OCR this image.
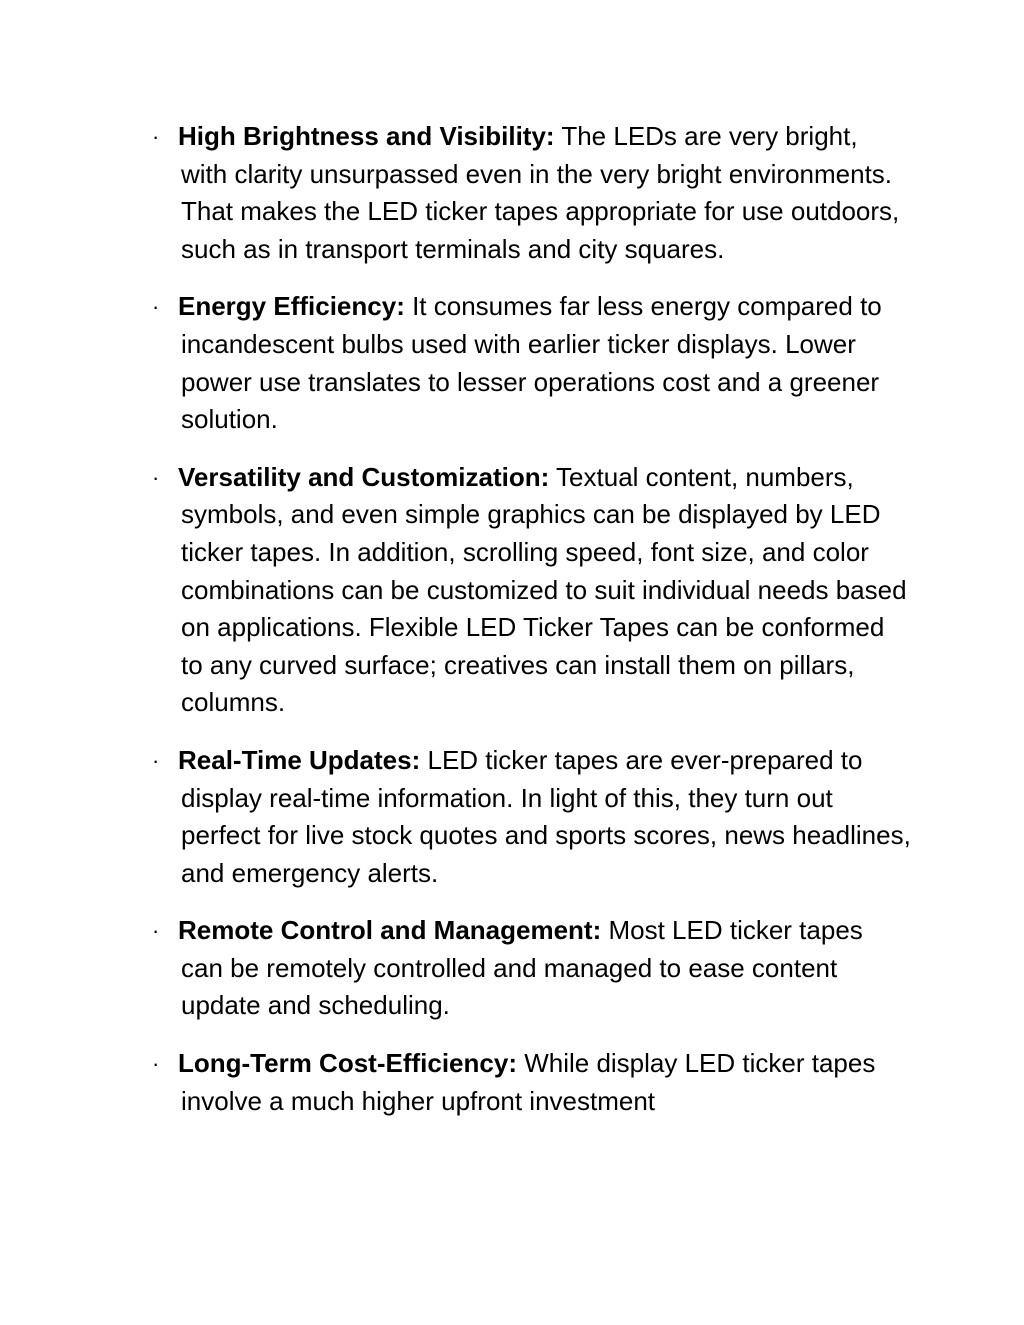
· High Brightness and Visibility: The LEDs are very bright, with clarity unsurpassed even in the very bright environments. That makes the LED ticker tapes appropriate for use outdoors, such as in transport terminals and city squares.
· Energy Efficiency: It consumes far less energy compared to incandescent bulbs used with earlier ticker displays. Lower power use translates to lesser operations cost and a greener solution.
· Versatility and Customization: Textual content, numbers, symbols, and even simple graphics can be displayed by LED ticker tapes. In addition, scrolling speed, font size, and color combinations can be customized to suit individual needs based on applications. Flexible LED Ticker Tapes can be conformed to any curved surface; creatives can install them on pillars, columns.
· Real-Time Updates: LED ticker tapes are ever-prepared to display real-time information. In light of this, they turn out perfect for live stock quotes and sports scores, news headlines, and emergency alerts.
· Remote Control and Management: Most LED ticker tapes can be remotely controlled and managed to ease content update and scheduling.
· Long-Term Cost-Efficiency: While display LED ticker tapes involve a much higher upfront investment
